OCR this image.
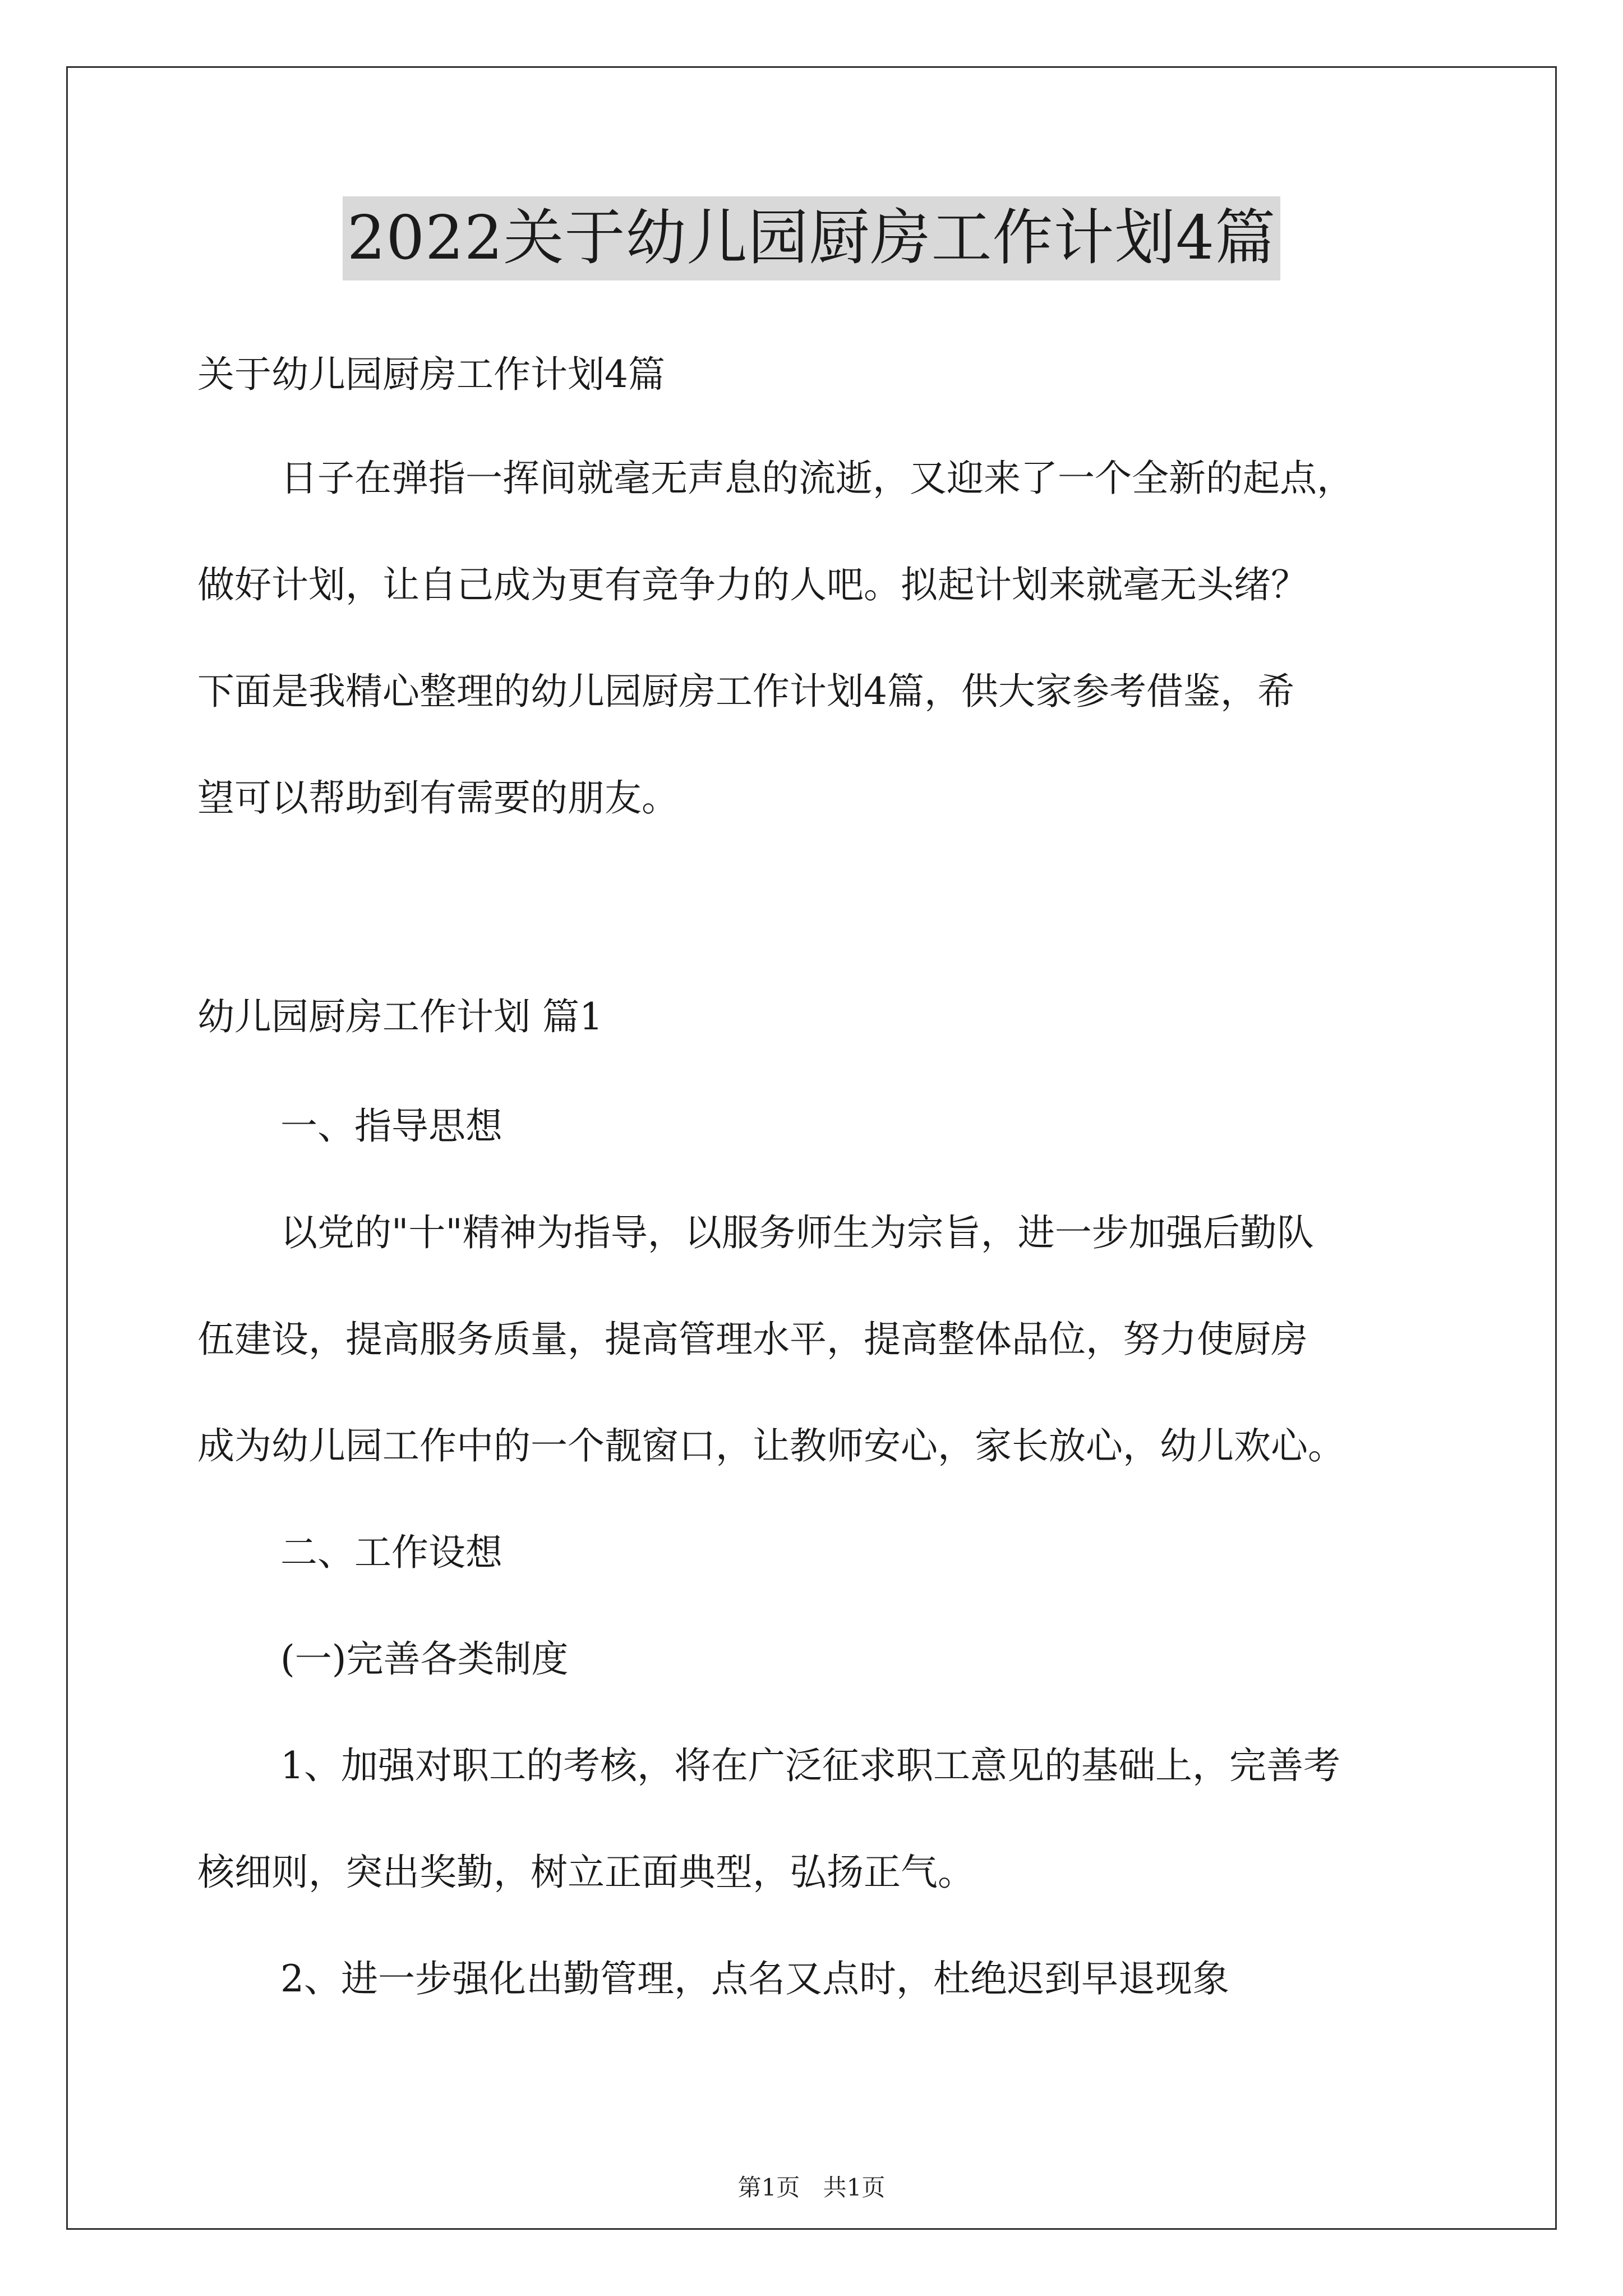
2022关于幼儿园厨房工作计划4篇

关于幼儿园厨房工作计划4篇

日子在弹指一挥间就毫无声息的流逝，又迎来了一个全新的起点，

做好计划，让自己成为更有竞争力的人吧。拟起计划来就毫无头绪？

下面是我精心整理的幼儿园厨房工作计划4篇，供大家参考借鉴，希

望可以帮助到有需要的朋友。

幼儿园厨房工作计划 篇1

一、指导思想

以党的"十"精神为指导，以服务师生为宗旨，进一步加强后勤队

伍建设，提高服务质量，提高管理水平，提高整体品位，努力使厨房

成为幼儿园工作中的一个靓窗口，让教师安心，家长放心，幼儿欢心。

二、工作设想

(一)完善各类制度

1、加强对职工的考核，将在广泛征求职工意见的基础上，完善考

核细则，突出奖勤，树立正面典型，弘扬正气。

2、进一步强化出勤管理，点名又点时，杜绝迟到早退现象

第1页 共1页
